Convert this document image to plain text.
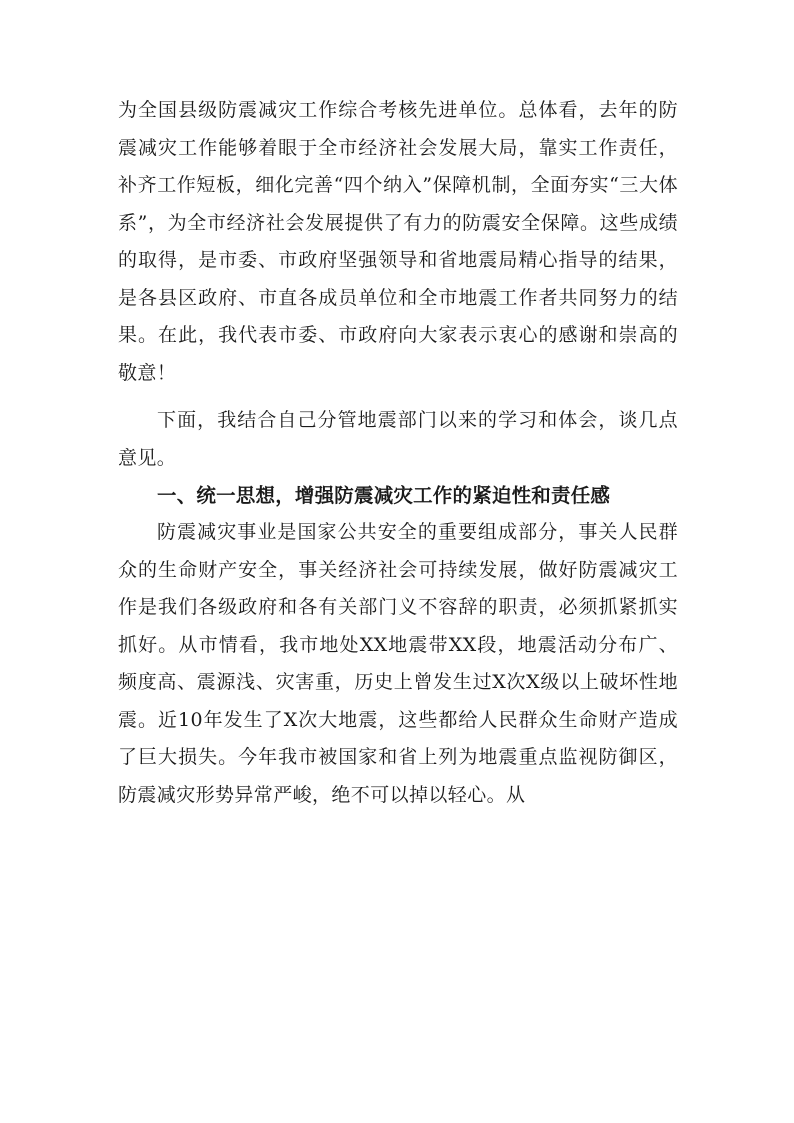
为全国县级防震减灾工作综合考核先进单位。总体看，去年的防震减灾工作能够着眼于全市经济社会发展大局，靠实工作责任，补齐工作短板，细化完善“四个纳入”保障机制，全面夯实“三大体系”，为全市经济社会发展提供了有力的防震安全保障。这些成绩的取得，是市委、市政府坚强领导和省地震局精心指导的结果，是各县区政府、市直各成员单位和全市地震工作者共同努力的结果。在此，我代表市委、市政府向大家表示衷心的感谢和崇高的敬意！

下面，我结合自己分管地震部门以来的学习和体会，谈几点意见。

一、统一思想，增强防震减灾工作的紧迫性和责任感

防震减灾事业是国家公共安全的重要组成部分，事关人民群众的生命财产安全，事关经济社会可持续发展，做好防震减灾工作是我们各级政府和各有关部门义不容辞的职责，必须抓紧抓实抓好。从市情看，我市地处XX地震带XX段，地震活动分布广、频度高、震源浅、灾害重，历史上曾发生过X次X级以上破坏性地震。近10年发生了X次大地震，这些都给人民群众生命财产造成了巨大损失。今年我市被国家和省上列为地震重点监视防御区，防震减灾形势异常严峻，绝不可以掉以轻心。从
